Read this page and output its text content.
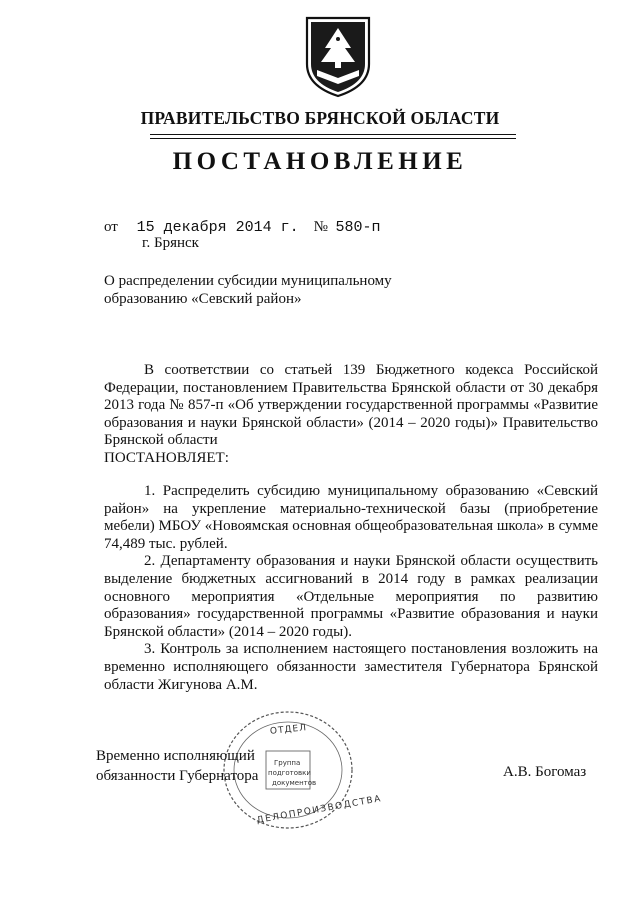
ПРАВИТЕЛЬСТВО БРЯНСКОЙ ОБЛАСТИ
ПОСТАНОВЛЕНИЕ
от 15 декабря 2014 г. № 580-п
г. Брянск
О распределении субсидии муниципальному
образованию «Севский район»
В соответствии со статьей 139 Бюджетного кодекса Российской Федерации, постановлением Правительства Брянской области от 30 декабря 2013 года № 857-п «Об утверждении государственной программы «Развитие образования и науки Брянской области» (2014 – 2020 годы)» Правительство Брянской области
ПОСТАНОВЛЯЕТ:

1. Распределить субсидию муниципальному образованию «Севский район» на укрепление материально-технической базы (приобретение мебели) МБОУ «Новоямская основная общеобразовательная школа» в сумме 74,489 тыс. рублей.

2. Департаменту образования и науки Брянской области осуществить выделение бюджетных ассигнований в 2014 году в рамках реализации основного мероприятия «Отдельные мероприятия по развитию образования» государственной программы «Развитие образования и науки Брянской области» (2014 – 2020 годы).

3. Контроль за исполнением настоящего постановления возложить на временно исполняющего обязанности заместителя Губернатора Брянской области Жигунова А.М.

ОТДЕЛ
Группа
подготовки
документов
ДЕЛОПРОИЗВОДСТВА
Временно исполняющий
обязанности Губернатора	А.В. Богомаз
